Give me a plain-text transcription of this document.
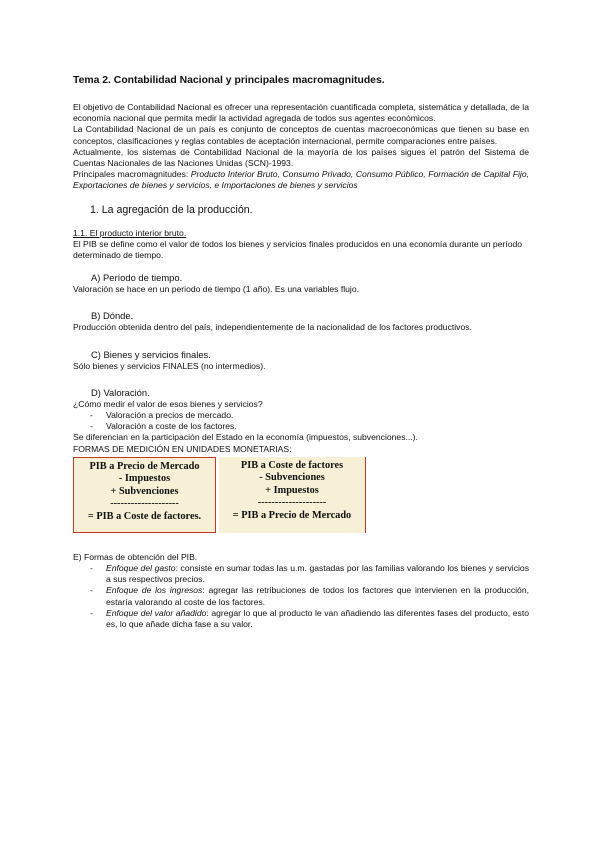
Tema 2. Contabilidad Nacional y principales macromagnitudes.

El objetivo de Contabilidad Nacional es ofrecer una representación cuantificada completa, sistemática y detallada, de la economía nacional que permita medir la actividad agregada de todos sus agentes económicos.

La Contabilidad Nacional de un país es conjunto de conceptos de cuentas macroeconómicas que tienen su base en conceptos, clasificaciones y reglas contables de aceptación internacional, permite comparaciones entre países.

Actualmente, los sistemas de Contabilidad Nacional de la mayoría de los países sigues el patrón del Sistema de Cuentas Nacionales de las Naciones Unidas (SCN)-1993.

Principales macromagnitudes: Producto Interior Bruto, Consumo Privado, Consumo Público, Formación de Capital Fijo, Exportaciones de bienes y servicios, e Importaciones de bienes y servicios

1. La agregación de la producción.

1.1. El producto interior bruto.

El PIB se define como el valor de todos los bienes y servicios finales producidos en una economía durante un período determinado de tiempo.

A) Período de tiempo.

Valoración se hace en un periodo de tiempo (1 año). Es una variables flujo.

B) Dónde.

Producción obtenida dentro del país, independientemente de la nacionalidad de los factores productivos.

C) Bienes y servicios finales.

Sólo bienes y servicios FINALES (no intermedios).

D) Valoración.

¿Cómo medir el valor de esos bienes y servicios?

- Valoración a precios de mercado.
- Valoración a coste de los factores.

Se diferencian en la participación del Estado en la economía (impuestos, subvenciones...).

FORMAS DE MEDICIÓN EN UNIDADES MONETARIAS:

PIB a Precio de Mercado
- Impuestos
+ Subvenciones
--------------------
= PIB a Coste de factores.
PIB a Coste de factores
- Subvenciones
+ Impuestos
--------------------
= PIB a Precio de Mercado

E) Formas de obtención del PIB.

- Enfoque del gasto: consiste en sumar todas las u.m. gastadas por las familias valorando los bienes y servicios a sus respectivos precios.
- Enfoque de los ingresos: agregar las retribuciones de todos los factores que intervienen en la producción, estaría valorando al coste de los factores.
- Enfoque del valor añadido: agregar lo que al producto le van añadiendo las diferentes fases del producto, esto es, lo que añade dicha fase a su valor.
